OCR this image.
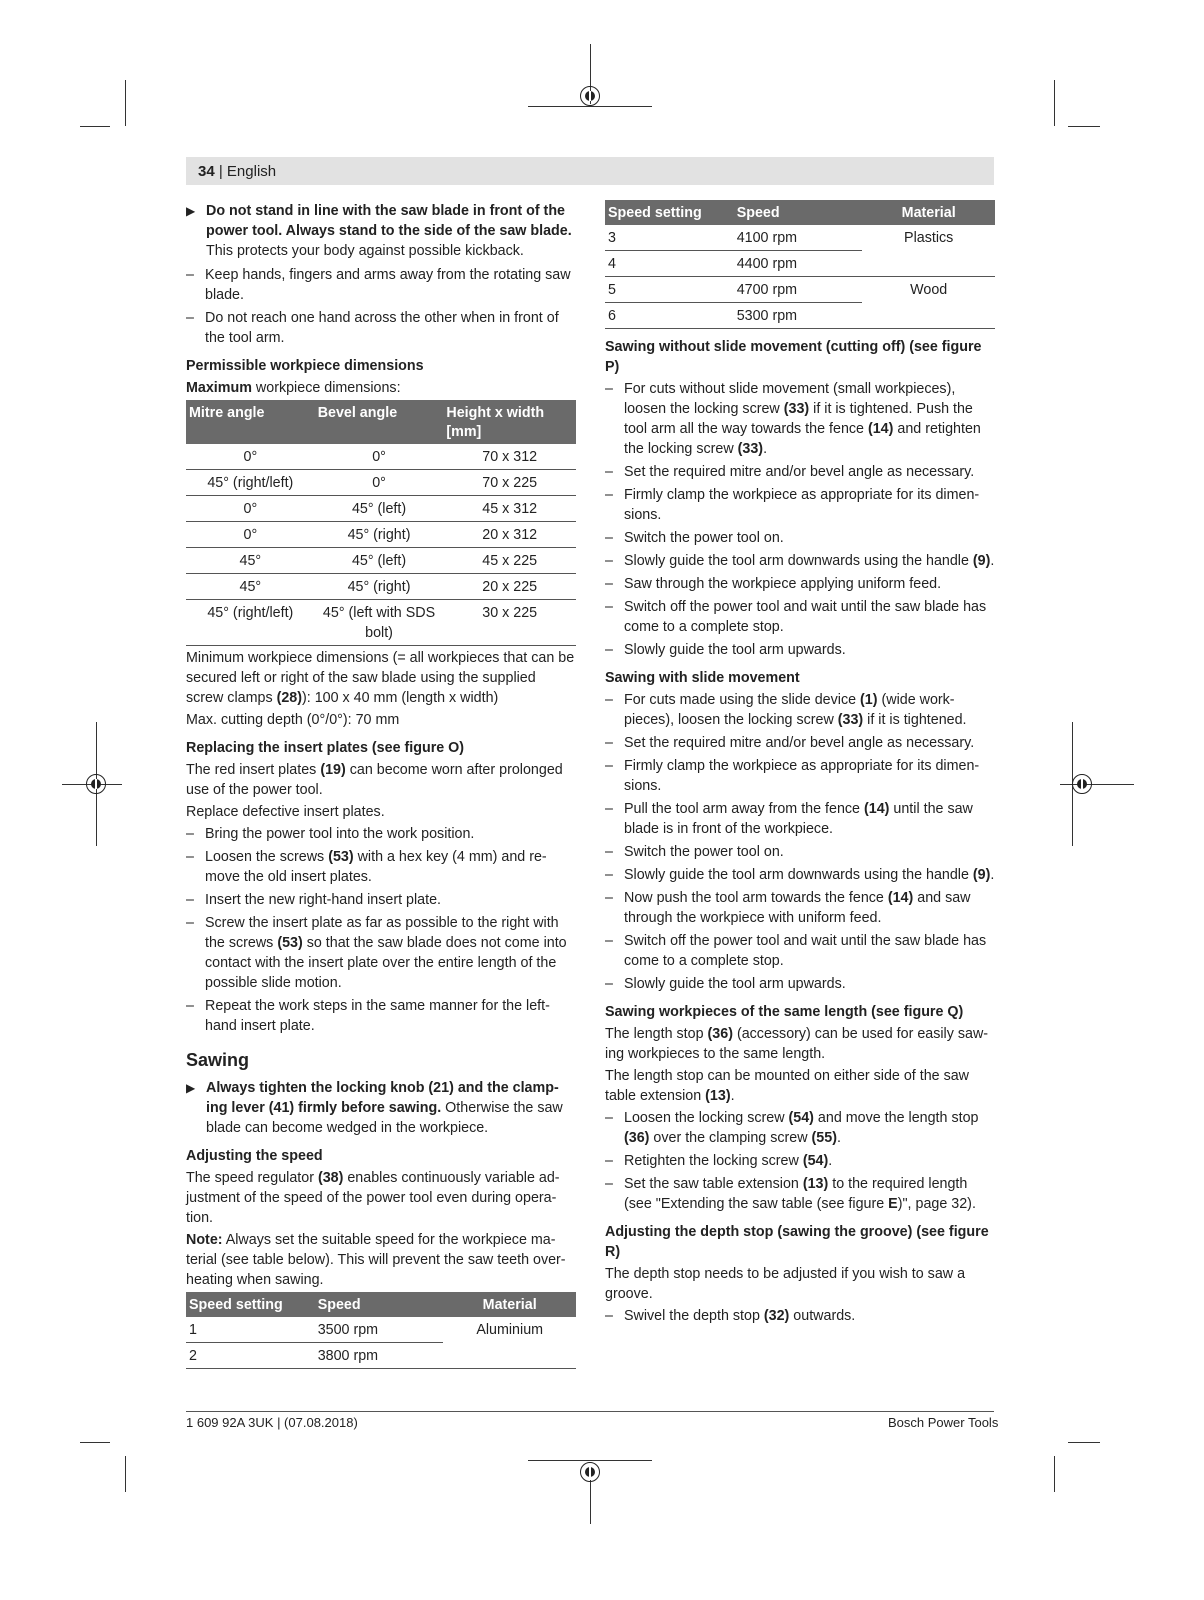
34 | English
▶ Do not stand in line with the saw blade in front of the power tool. Always stand to the side of the saw blade. This protects your body against possible kickback.
– Keep hands, fingers and arms away from the rotating saw blade.
– Do not reach one hand across the other when in front of the tool arm.
Permissible workpiece dimensions
Maximum workpiece dimensions:
Mitre angle	Bevel angle	Height x width [mm]
0°	0°	70 x 312
45° (right/left)	0°	70 x 225
0°	45° (left)	45 x 312
0°	45° (right)	20 x 312
45°	45° (left)	45 x 225
45°	45° (right)	20 x 225
45° (right/left)	45° (left with SDS bolt)	30 x 225
Minimum workpiece dimensions (= all workpieces that can be secured left or right of the saw blade using the supplied screw clamps (28)): 100 x 40 mm (length x width)
Max. cutting depth (0°/0°): 70 mm
Replacing the insert plates (see figure O)
The red insert plates (19) can become worn after prolonged use of the power tool.
Replace defective insert plates.
– Bring the power tool into the work position.
– Loosen the screws (53) with a hex key (4 mm) and re-move the old insert plates.
– Insert the new right-hand insert plate.
– Screw the insert plate as far as possible to the right with the screws (53) so that the saw blade does not come into contact with the insert plate over the entire length of the possible slide motion.
– Repeat the work steps in the same manner for the left-hand insert plate.
Sawing
▶ Always tighten the locking knob (21) and the clamp-ing lever (41) firmly before sawing. Otherwise the saw blade can become wedged in the workpiece.
Adjusting the speed
The speed regulator (38) enables continuously variable ad-justment of the speed of the power tool even during opera-tion.
Note: Always set the suitable speed for the workpiece ma-terial (see table below). This will prevent the saw teeth over-heating when sawing.
Speed setting	Speed	Material
1	3500 rpm	Aluminium
2	3800 rpm	
Speed setting	Speed	Material
3	4100 rpm	Plastics
4	4400 rpm	
5	4700 rpm	Wood
6	5300 rpm	
Sawing without slide movement (cutting off) (see figure P)
– For cuts without slide movement (small workpieces), loosen the locking screw (33) if it is tightened. Push the tool arm all the way towards the fence (14) and retighten the locking screw (33).
– Set the required mitre and/or bevel angle as necessary.
– Firmly clamp the workpiece as appropriate for its dimen-sions.
– Switch the power tool on.
– Slowly guide the tool arm downwards using the handle (9).
– Saw through the workpiece applying uniform feed.
– Switch off the power tool and wait until the saw blade has come to a complete stop.
– Slowly guide the tool arm upwards.
Sawing with slide movement
– For cuts made using the slide device (1) (wide work-pieces), loosen the locking screw (33) if it is tightened.
– Set the required mitre and/or bevel angle as necessary.
– Firmly clamp the workpiece as appropriate for its dimen-sions.
– Pull the tool arm away from the fence (14) until the saw blade is in front of the workpiece.
– Switch the power tool on.
– Slowly guide the tool arm downwards using the handle (9).
– Now push the tool arm towards the fence (14) and saw through the workpiece with uniform feed.
– Switch off the power tool and wait until the saw blade has come to a complete stop.
– Slowly guide the tool arm upwards.
Sawing workpieces of the same length (see figure Q)
The length stop (36) (accessory) can be used for easily saw-ing workpieces to the same length.
The length stop can be mounted on either side of the saw table extension (13).
– Loosen the locking screw (54) and move the length stop (36) over the clamping screw (55).
– Retighten the locking screw (54).
– Set the saw table extension (13) to the required length (see "Extending the saw table (see figure E)", page 32).
Adjusting the depth stop (sawing the groove) (see figure R)
The depth stop needs to be adjusted if you wish to saw a groove.
– Swivel the depth stop (32) outwards.
1 609 92A 3UK | (07.08.2018)	Bosch Power Tools
